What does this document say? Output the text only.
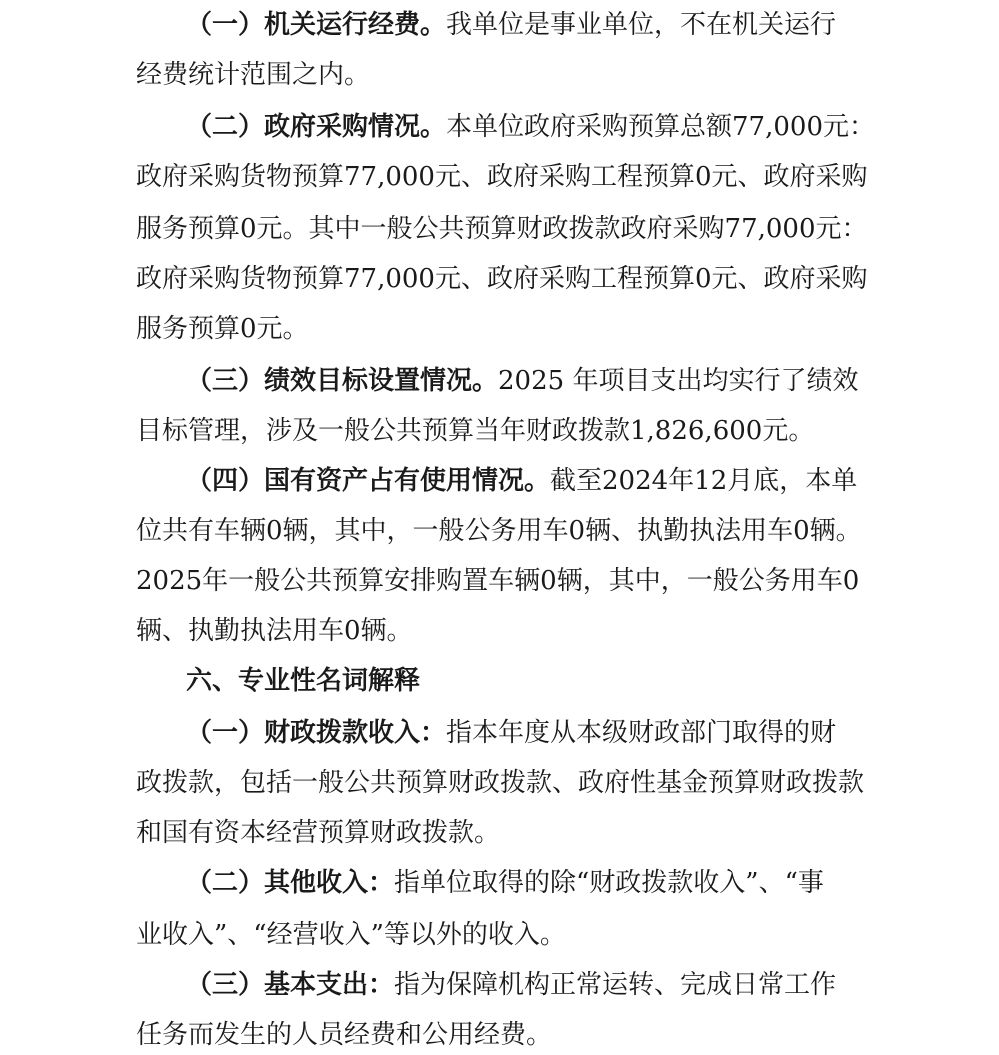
（一）机关运行经费。我单位是事业单位，不在机关运行
经费统计范围之内。
（二）政府采购情况。本单位政府采购预算总额77,000元：
政府采购货物预算77,000元、政府采购工程预算0元、政府采购
服务预算0元。其中一般公共预算财政拨款政府采购77,000元：
政府采购货物预算77,000元、政府采购工程预算0元、政府采购
服务预算0元。
（三）绩效目标设置情况。2025 年项目支出均实行了绩效
目标管理，涉及一般公共预算当年财政拨款1,826,600元。
（四）国有资产占有使用情况。截至2024年12月底，本单
位共有车辆0辆，其中，一般公务用车0辆、执勤执法用车0辆。
2025年一般公共预算安排购置车辆0辆，其中，一般公务用车0
辆、执勤执法用车0辆。
六、专业性名词解释
（一）财政拨款收入：指本年度从本级财政部门取得的财
政拨款，包括一般公共预算财政拨款、政府性基金预算财政拨款
和国有资本经营预算财政拨款。
（二）其他收入：指单位取得的除“财政拨款收入”、“事
业收入”、“经营收入”等以外的收入。
（三）基本支出：指为保障机构正常运转、完成日常工作
任务而发生的人员经费和公用经费。
